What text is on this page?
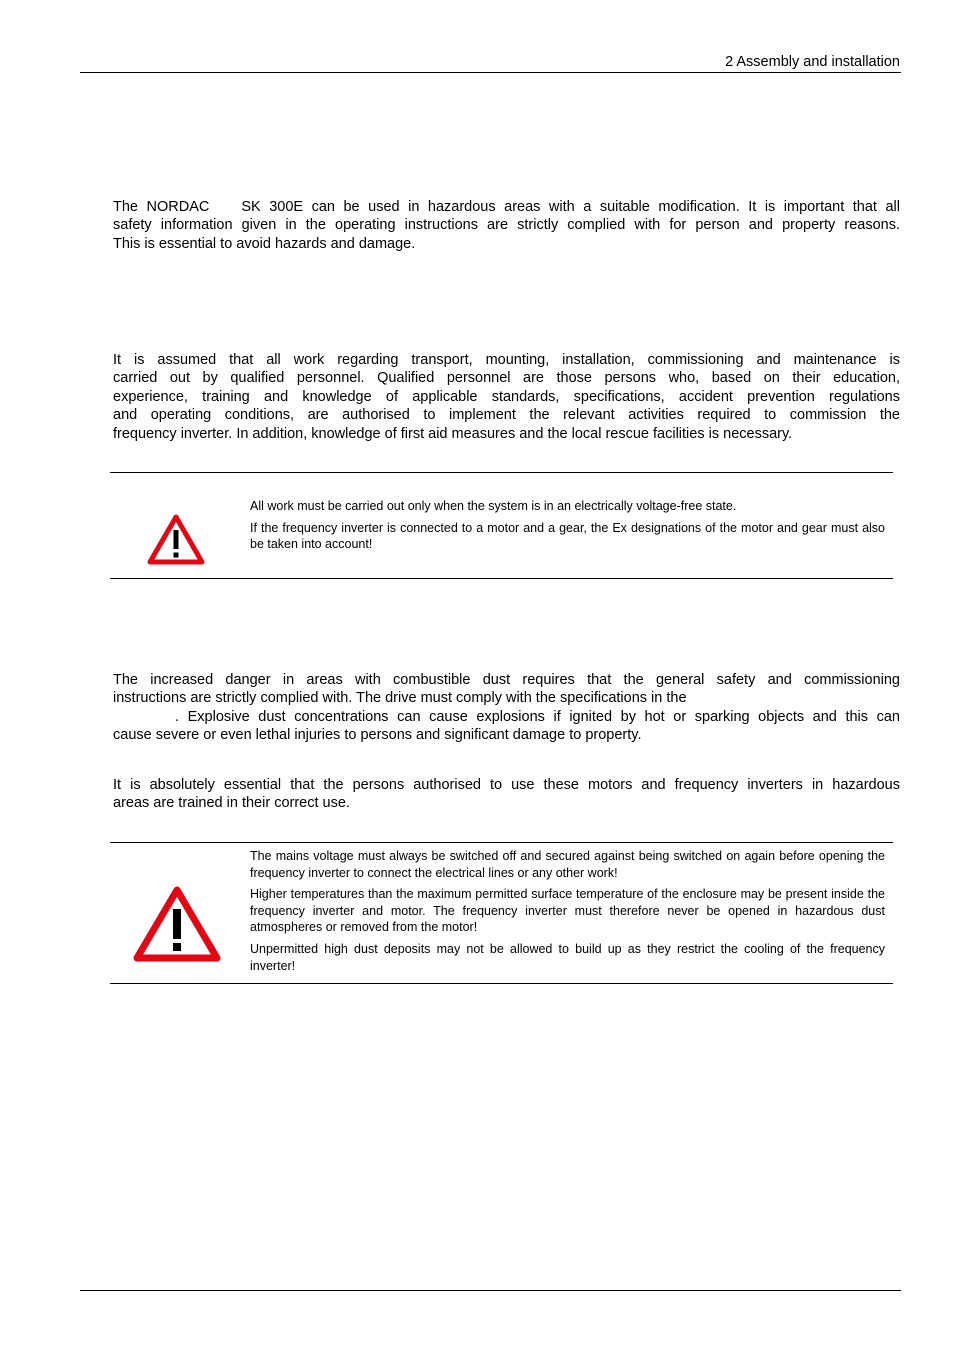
2 Assembly and installation
The NORDAC SK 300E can be used in hazardous areas with a suitable modification. It is important that all
safety information given in the operating instructions are strictly complied with for person and property reasons.
This is essential to avoid hazards and damage.
It is assumed that all work regarding transport, mounting, installation, commissioning and maintenance is
carried out by qualified personnel. Qualified personnel are those persons who, based on their education,
experience, training and knowledge of applicable standards, specifications, accident prevention regulations
and operating conditions, are authorised to implement the relevant activities required to commission the
frequency inverter. In addition, knowledge of first aid measures and the local rescue facilities is necessary.

All work must be carried out only when the system is in an electrically voltage-free state.

If the frequency inverter is connected to a motor and a gear, the Ex designations of the motor and gear must also be taken into account!

The increased danger in areas with combustible dust requires that the general safety and commissioning
instructions are strictly complied with. The drive must comply with the specifications in the
. Explosive dust concentrations can cause explosions if ignited by hot or sparking objects and this can
cause severe or even lethal injuries to persons and significant damage to property.
It is absolutely essential that the persons authorised to use these motors and frequency inverters in hazardous
areas are trained in their correct use.

The mains voltage must always be switched off and secured against being switched on again before opening the frequency inverter to connect the electrical lines or any other work!

Higher temperatures than the maximum permitted surface temperature of the enclosure may be present inside the frequency inverter and motor. The frequency inverter must therefore never be opened in hazardous dust atmospheres or removed from the motor!

Unpermitted high dust deposits may not be allowed to build up as they restrict the cooling of the frequency inverter!
